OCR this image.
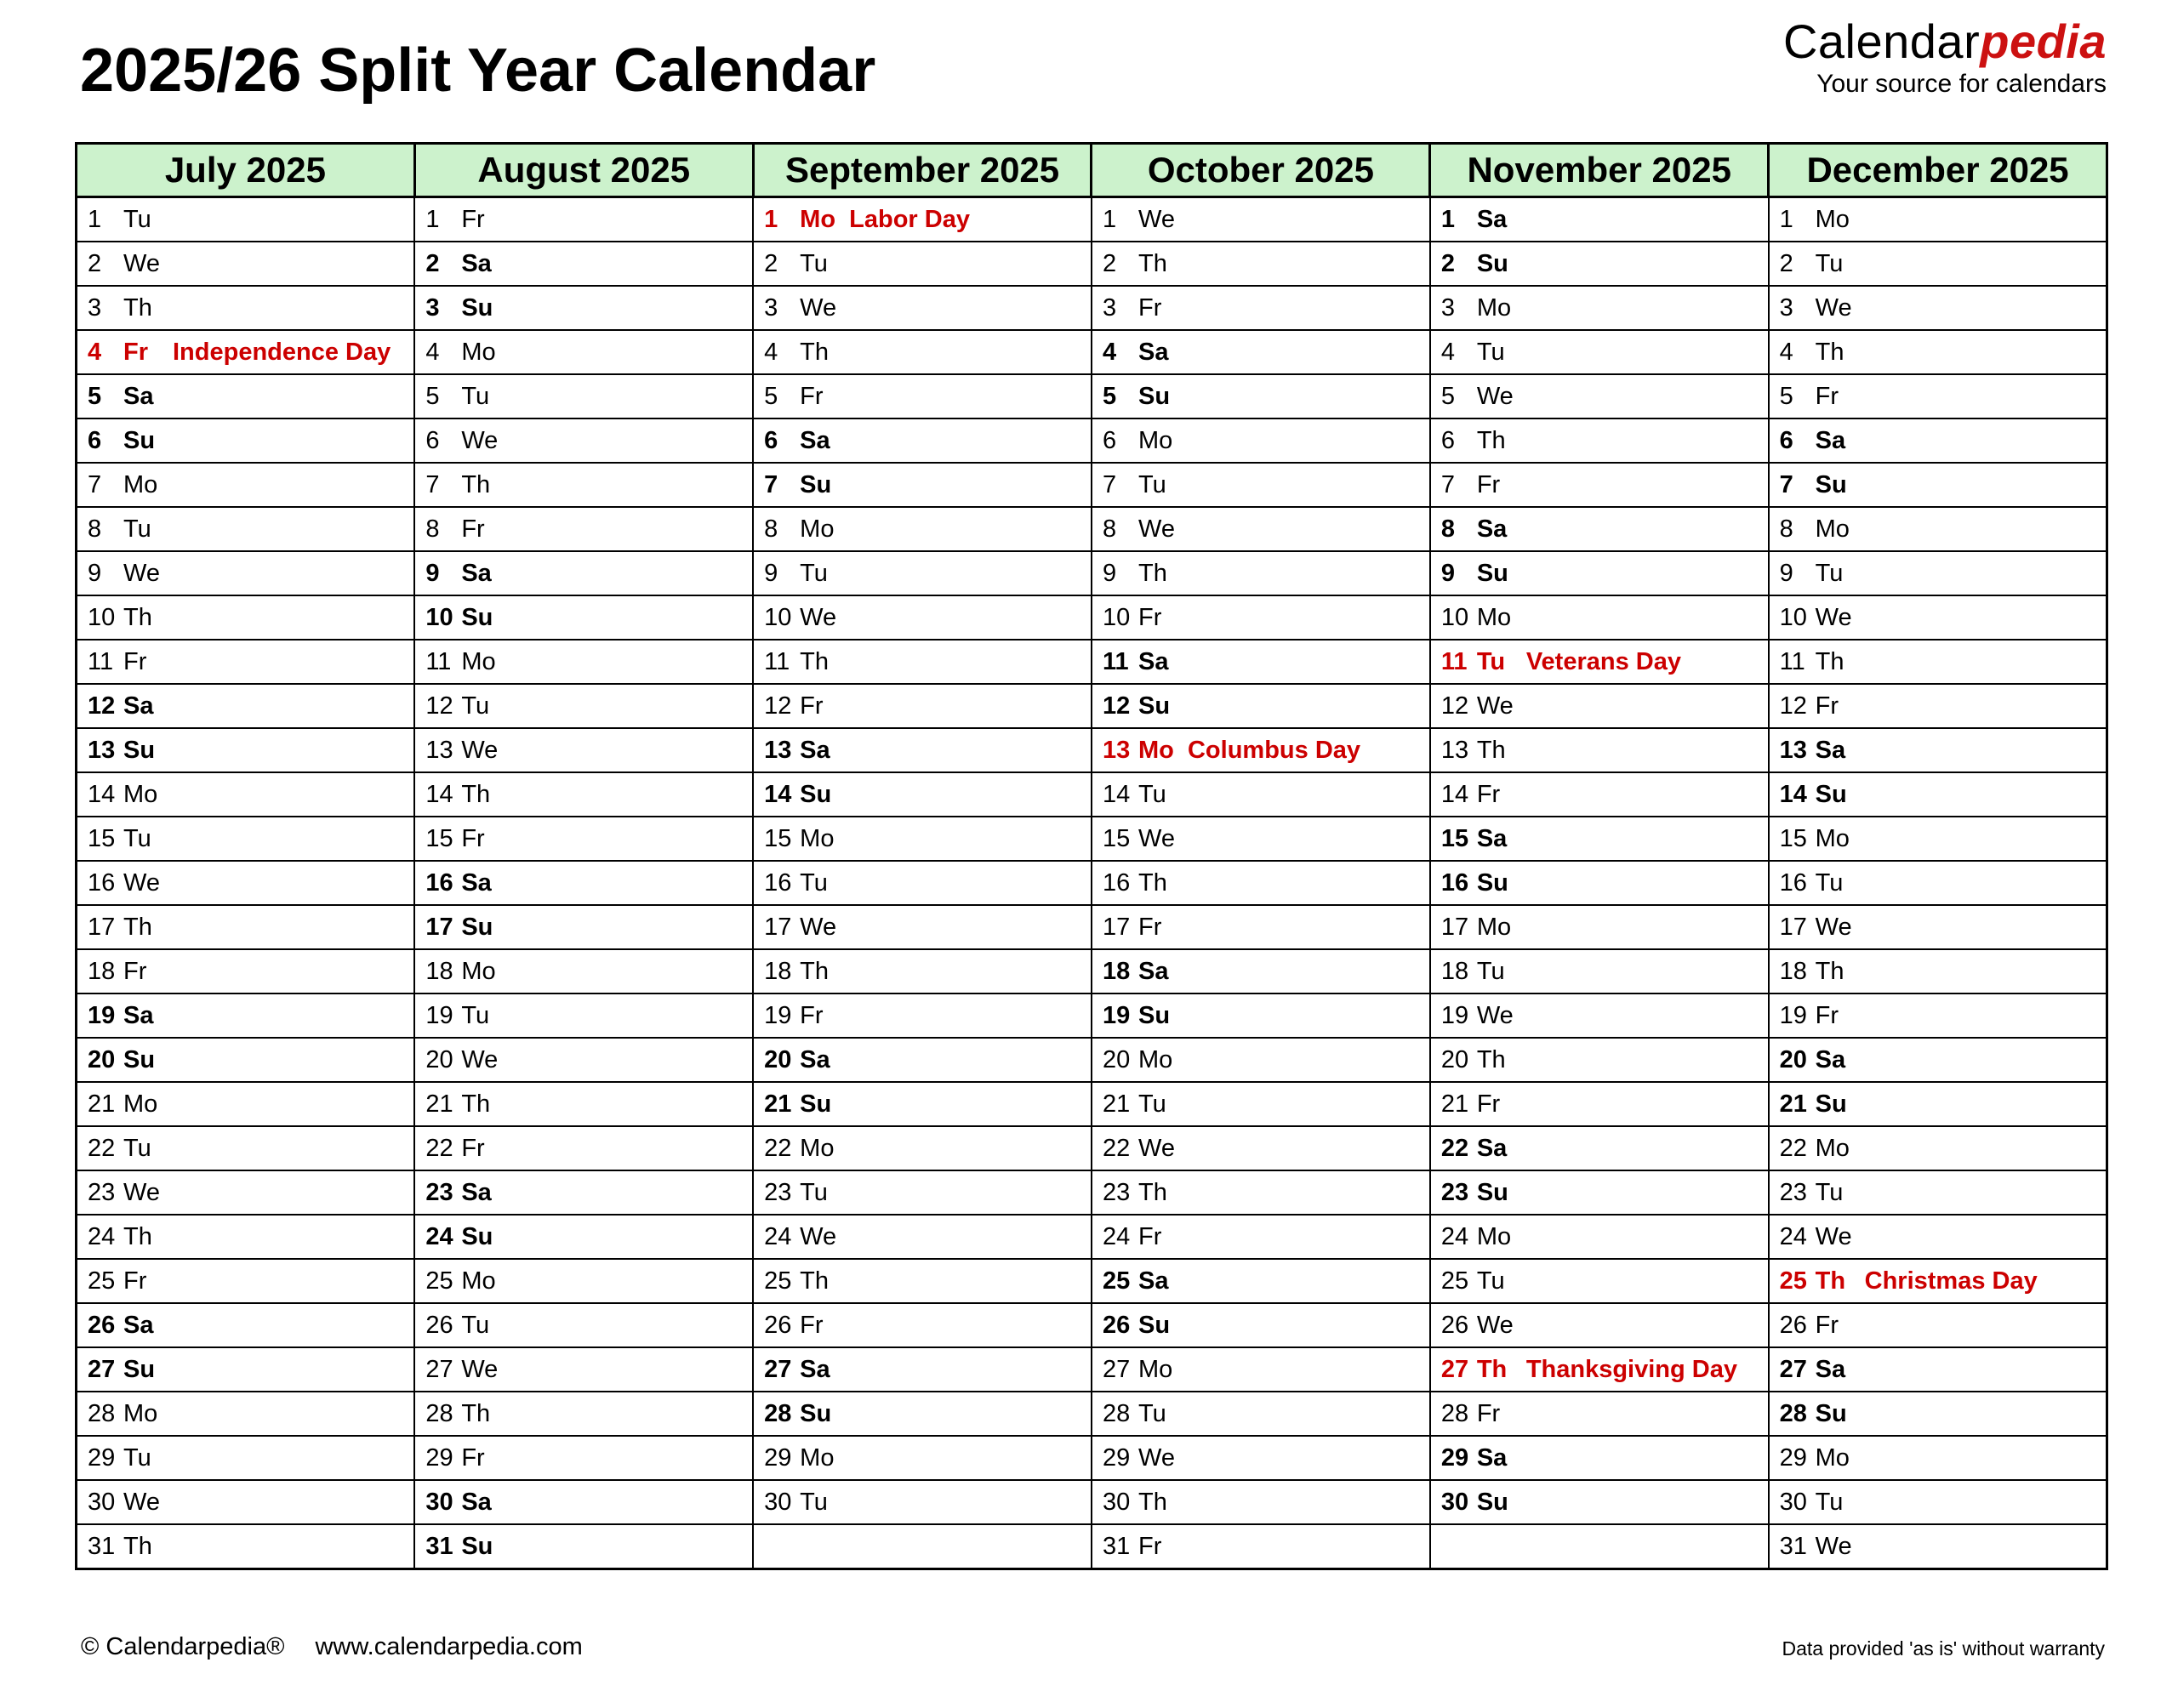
2025/26 Split Year Calendar	Calendarpedia
Your source for calendars
July 2025	August 2025	September 2025	October 2025	November 2025	December 2025
1 Tu	1 Fr	1 Mo Labor Day	1 We	1 Sa	1 Mo
2 We	2 Sa	2 Tu	2 Th	2 Su	2 Tu
3 Th	3 Su	3 We	3 Fr	3 Mo	3 We
4 Fr Independence Day	4 Mo	4 Th	4 Sa	4 Tu	4 Th
5 Sa	5 Tu	5 Fr	5 Su	5 We	5 Fr
6 Su	6 We	6 Sa	6 Mo	6 Th	6 Sa
7 Mo	7 Th	7 Su	7 Tu	7 Fr	7 Su
8 Tu	8 Fr	8 Mo	8 We	8 Sa	8 Mo
9 We	9 Sa	9 Tu	9 Th	9 Su	9 Tu
10 Th	10 Su	10 We	10 Fr	10 Mo	10 We
11 Fr	11 Mo	11 Th	11 Sa	11 Tu Veterans Day	11 Th
12 Sa	12 Tu	12 Fr	12 Su	12 We	12 Fr
13 Su	13 We	13 Sa	13 Mo Columbus Day	13 Th	13 Sa
14 Mo	14 Th	14 Su	14 Tu	14 Fr	14 Su
15 Tu	15 Fr	15 Mo	15 We	15 Sa	15 Mo
16 We	16 Sa	16 Tu	16 Th	16 Su	16 Tu
17 Th	17 Su	17 We	17 Fr	17 Mo	17 We
18 Fr	18 Mo	18 Th	18 Sa	18 Tu	18 Th
19 Sa	19 Tu	19 Fr	19 Su	19 We	19 Fr
20 Su	20 We	20 Sa	20 Mo	20 Th	20 Sa
21 Mo	21 Th	21 Su	21 Tu	21 Fr	21 Su
22 Tu	22 Fr	22 Mo	22 We	22 Sa	22 Mo
23 We	23 Sa	23 Tu	23 Th	23 Su	23 Tu
24 Th	24 Su	24 We	24 Fr	24 Mo	24 We
25 Fr	25 Mo	25 Th	25 Sa	25 Tu	25 Th Christmas Day
26 Sa	26 Tu	26 Fr	26 Su	26 We	26 Fr
27 Su	27 We	27 Sa	27 Mo	27 Th Thanksgiving Day	27 Sa
28 Mo	28 Th	28 Su	28 Tu	28 Fr	28 Su
29 Tu	29 Fr	29 Mo	29 We	29 Sa	29 Mo
30 We	30 Sa	30 Tu	30 Th	30 Su	30 Tu
31 Th	31 Su		31 Fr		31 We
© Calendarpedia® www.calendarpedia.com	Data provided 'as is' without warranty
